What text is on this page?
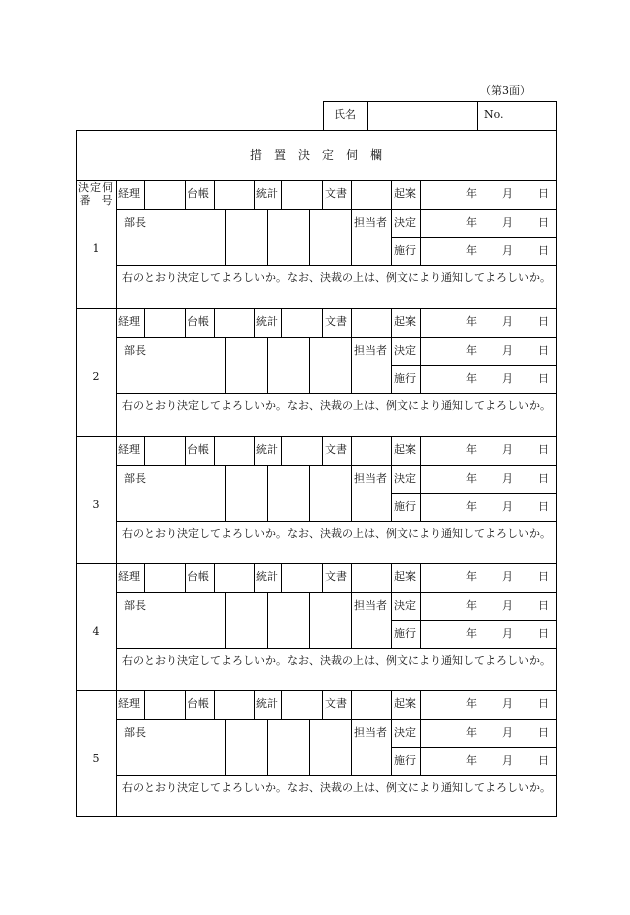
（第3面）
氏名	No.
措　置　決　定　伺　欄
決定伺
番　号
1
経理	台帳	統計	文書	起案	年 月 日
部長	担当者 決定	年 月 日
施行	年 月 日
右のとおり決定してよろしいか。なお、決裁の上は、例文により通知してよろしいか。
2
経理	台帳	統計	文書	起案	年 月 日
部長	担当者 決定	年 月 日
施行	年 月 日
右のとおり決定してよろしいか。なお、決裁の上は、例文により通知してよろしいか。
3
経理	台帳	統計	文書	起案	年 月 日
部長	担当者 決定	年 月 日
施行	年 月 日
右のとおり決定してよろしいか。なお、決裁の上は、例文により通知してよろしいか。
4
経理	台帳	統計	文書	起案	年 月 日
部長	担当者 決定	年 月 日
施行	年 月 日
右のとおり決定してよろしいか。なお、決裁の上は、例文により通知してよろしいか。
5
経理	台帳	統計	文書	起案	年 月 日
部長	担当者 決定	年 月 日
施行	年 月 日
右のとおり決定してよろしいか。なお、決裁の上は、例文により通知してよろしいか。
